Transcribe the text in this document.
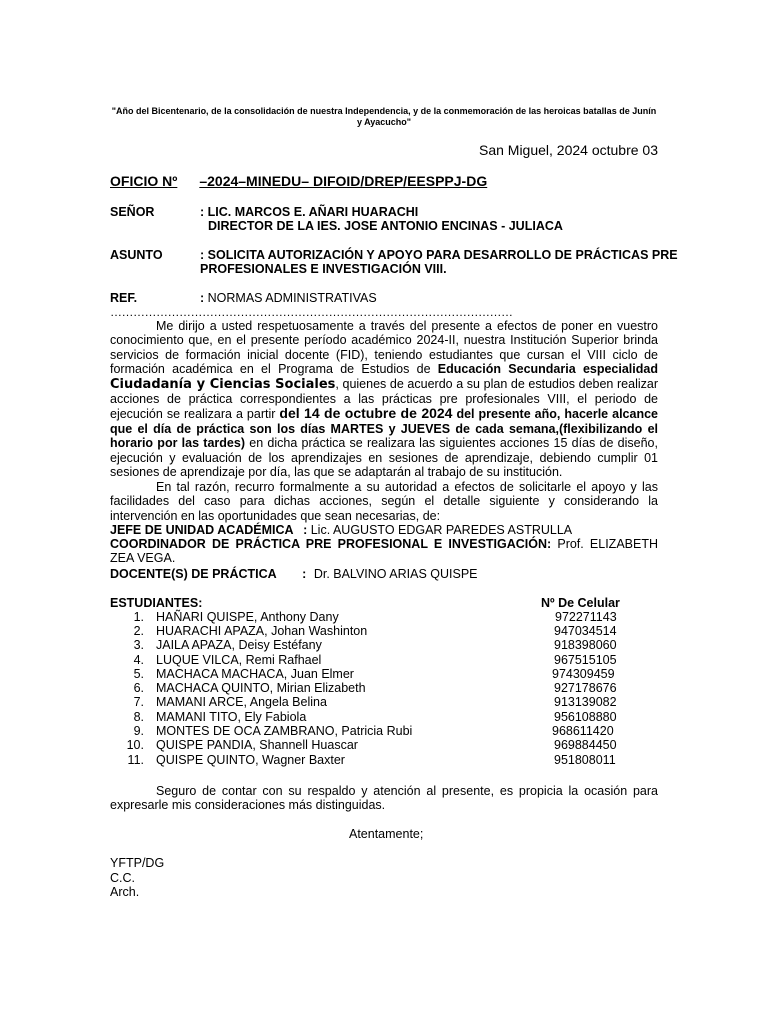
"Año del Bicentenario, de la consolidación de nuestra Independencia, y de la conmemoración de las heroicas batallas de Junín y Ayacucho"
San Miguel, 2024 octubre 03
OFICIO Nº –2024–MINEDU– DIFOID/DREP/EESPPJ-DG
SEÑOR	: LIC. MARCOS E. AÑARI HUARACHI
DIRECTOR DE LA IES. JOSE ANTONIO ENCINAS - JULIACA
ASUNTO	: SOLICITA AUTORIZACIÓN Y APOYO PARA DESARROLLO DE PRÁCTICAS PRE
PROFESIONALES E INVESTIGACIÓN VIII.
REF.	: NORMAS ADMINISTRATIVAS
……………………………………………………………………………………………
Me dirijo a usted respetuosamente a través del presente a efectos de poner en vuestro conocimiento que, en el presente período académico 2024-II, nuestra Institución Superior brinda servicios de formación inicial docente (FID), teniendo estudiantes que cursan el VIII ciclo de formación académica en el Programa de Estudios de Educación Secundaria especialidad Ciudadanía y Ciencias Sociales, quienes de acuerdo a su plan de estudios deben realizar acciones de práctica correspondientes a las prácticas pre profesionales VIII, el periodo de ejecución se realizara a partir del 14 de octubre de 2024 del presente año, hacerle alcance que el día de práctica son los días MARTES y JUEVES de cada semana,(flexibilizando el horario por las tardes) en dicha práctica se realizara las siguientes acciones 15 días de diseño, ejecución y evaluación de los aprendizajes en sesiones de aprendizaje, debiendo cumplir 01 sesiones de aprendizaje por día, las que se adaptarán al trabajo de su institución.
En tal razón, recurro formalmente a su autoridad a efectos de solicitarle el apoyo y las facilidades del caso para dichas acciones, según el detalle siguiente y considerando la intervención en las oportunidades que sean necesarias, de:
JEFE DE UNIDAD ACADÉMICA : Lic. AUGUSTO EDGAR PAREDES ASTRULLA
COORDINADOR DE PRÁCTICA PRE PROFESIONAL E INVESTIGACIÓN: Prof. ELIZABETH ZEA VEGA.
DOCENTE(S) DE PRÁCTICA : Dr. BALVINO ARIAS QUISPE
ESTUDIANTES:	Nº De Celular
1. HAÑARI QUISPE, Anthony Dany	972271143
2. HUARACHI APAZA, Johan Washinton	947034514
3. JAILA APAZA, Deisy Estéfany	918398060
4. LUQUE VILCA, Remi Rafhael	967515105
5. MACHACA MACHACA, Juan Elmer	974309459
6. MACHACA QUINTO, Mirian Elizabeth	927178676
7. MAMANI ARCE, Angela Belina	913139082
8. MAMANI TITO, Ely Fabiola	956108880
9. MONTES DE OCA ZAMBRANO, Patricia Rubi	968611420
10. QUISPE PANDIA, Shannell Huascar	969884450
11. QUISPE QUINTO, Wagner Baxter	951808011
Seguro de contar con su respaldo y atención al presente, es propicia la ocasión para expresarle mis consideraciones más distinguidas.
Atentamente;
YFTP/DG
C.C.
Arch.
